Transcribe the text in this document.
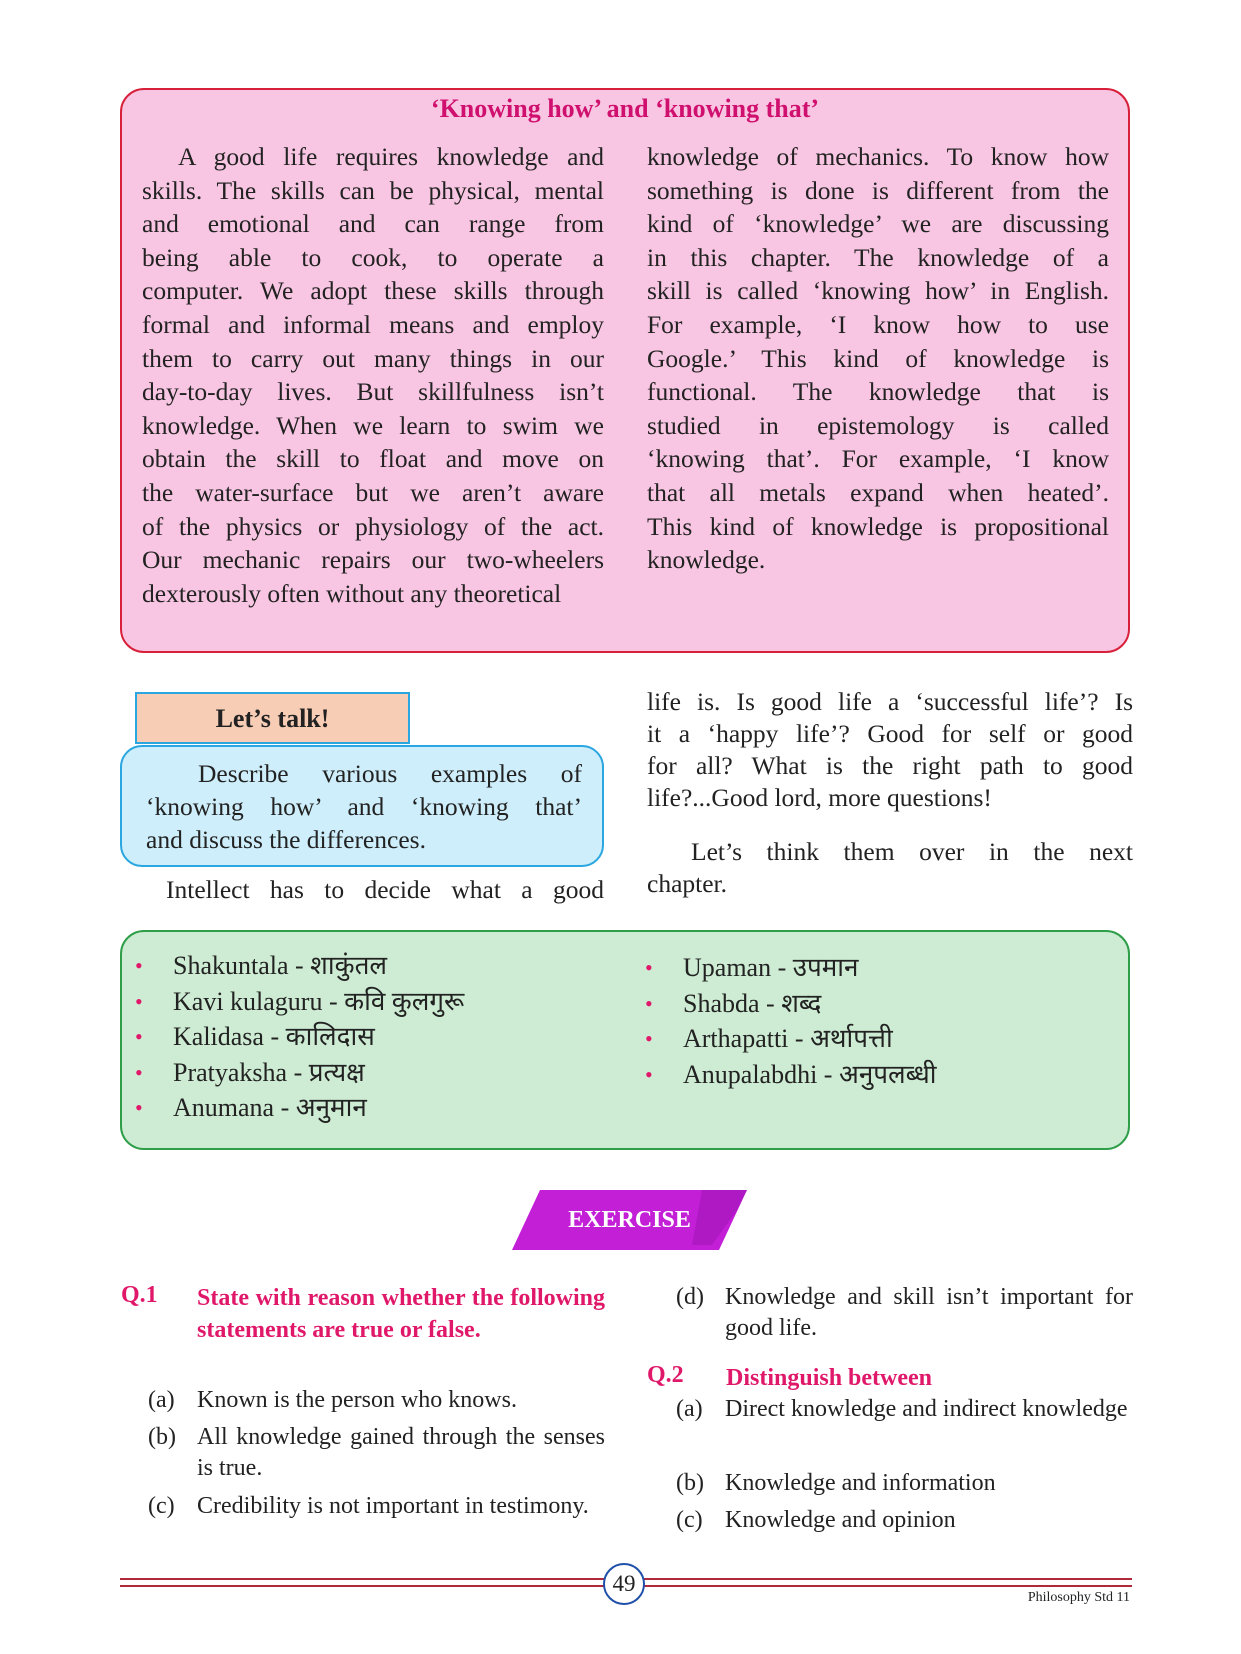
‘Knowing how’ and ‘knowing that’
A good life requires knowledge and
skills. The skills can be physical, mental
and emotional and can range from
being able to cook, to operate a
computer. We adopt these skills through
formal and informal means and employ
them to carry out many things in our
day-to-day lives. But skillfulness isn’t
knowledge. When we learn to swim we
obtain the skill to float and move on
the water-surface but we aren’t aware
of the physics or physiology of the act.
Our mechanic repairs our two-wheelers
dexterously often without any theoretical
knowledge of mechanics. To know how
something is done is different from the
kind of ‘knowledge’ we are discussing
in this chapter. The knowledge of a
skill is called ‘knowing how’ in English.
For example, ‘I know how to use
Google.’ This kind of knowledge is
functional. The knowledge that is
studied in epistemology is called
‘knowing that’. For example, ‘I know
that all metals expand when heated’.
This kind of knowledge is propositional
knowledge.
Let’s talk!
Describe various examples of
‘knowing how’ and ‘knowing that’
and discuss the differences.
Intellect has to decide what a good
life is. Is good life a ‘successful life’? Is
it a ‘happy life’? Good for self or good
for all? What is the right path to good
life?...Good lord, more questions!
Let’s think them over in the next
chapter.
• Shakuntala - शाकुंतल
• Kavi kulaguru - कवि कुलगुरू
• Kalidasa - कालिदास
• Pratyaksha - प्रत्यक्ष
• Anumana - अनुमान
• Upaman - उपमान
• Shabda - शब्द
• Arthapatti - अर्थापत्ती
• Anupalabdhi - अनुपलब्धी
EXERCISE
Q.1 State with reason whether the following statements are true or false.
(a) Known is the person who knows.
(b) All knowledge gained through the senses is true.
(c) Credibility is not important in testimony.
(d) Knowledge and skill isn’t important for good life.
Q.2 Distinguish between
(a) Direct knowledge and indirect knowledge
(b) Knowledge and information
(c) Knowledge and opinion
49
Philosophy Std 11
